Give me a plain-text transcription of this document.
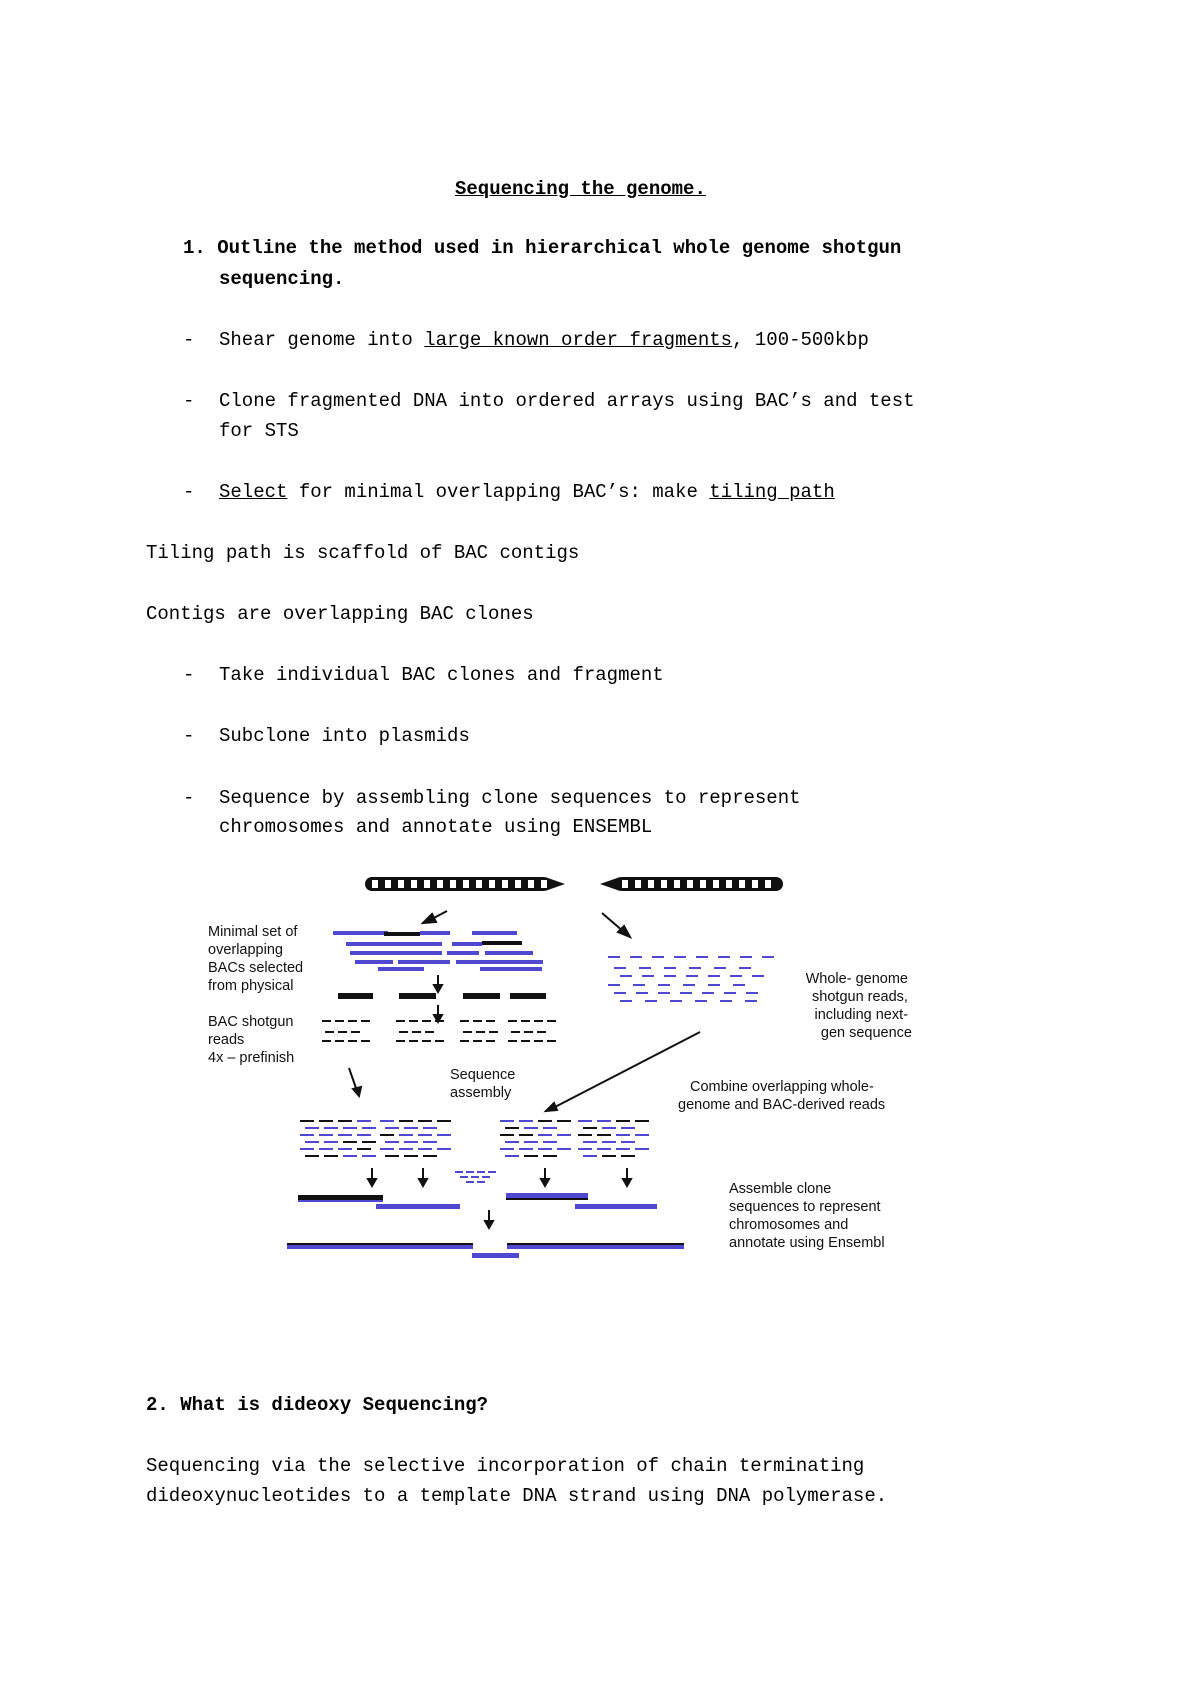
Sequencing the genome.
1. Outline the method used in hierarchical whole genome shotgun
sequencing.
- Shear genome into large known order fragments, 100-500kbp
- Clone fragmented DNA into ordered arrays using BAC’s and test
for STS
- Select for minimal overlapping BAC’s: make tiling path
Tiling path is scaffold of BAC contigs
Contigs are overlapping BAC clones
- Take individual BAC clones and fragment
- Subclone into plasmids
- Sequence by assembling clone sequences to represent
chromosomes and annotate using ENSEMBL
Minimal set of overlapping BACs selected from physical
BAC shotgun reads 4x – prefinish
Sequence assembly
Whole- genome shotgun reads, including next- gen sequence
Combine overlapping whole- genome and BAC-derived reads
Assemble clone sequences to represent chromosomes and annotate using Ensembl
2. What is dideoxy Sequencing?
Sequencing via the selective incorporation of chain terminating
dideoxynucleotides to a template DNA strand using DNA polymerase.
